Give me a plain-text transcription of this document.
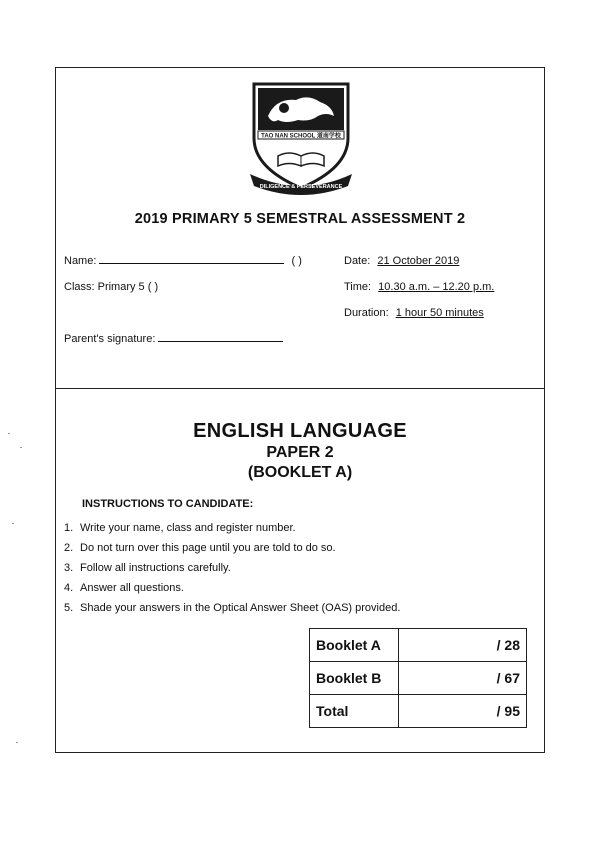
TAO NAN SCHOOL 道南学校
DILIGENCE & PERSEVERANCE
2019 PRIMARY 5 SEMESTRAL ASSESSMENT 2
Name:	( )	Date: 21 October 2019
Class: Primary 5 ( )	Time: 10.30 a.m. – 12.20 p.m.
Duration: 1 hour 50 minutes
Parent's signature:
ENGLISH LANGUAGE
PAPER 2
(BOOKLET A)
INSTRUCTIONS TO CANDIDATE:
1. Write your name, class and register number.
2. Do not turn over this page until you are told to do so.
3. Follow all instructions carefully.
4. Answer all questions.
5. Shade your answers in the Optical Answer Sheet (OAS) provided.
Booklet A	/ 28
Booklet B	/ 67
Total	/ 95
